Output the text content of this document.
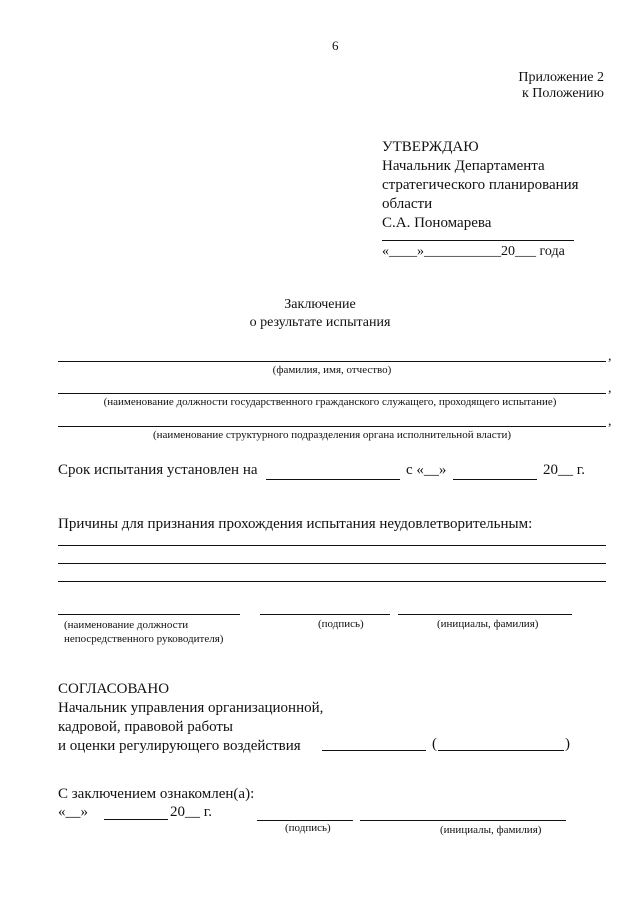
6
Приложение 2
к Положению
УТВЕРЖДАЮ
Начальник Департамента
стратегического планирования
области
С.А. Пономарева
«____»___________20___ года
Заключение
о результате испытания
,
(фамилия, имя, отчество)
,
(наименование должности государственного гражданского служащего, проходящего испытание)
,
(наименование структурного подразделения органа исполнительной власти)
Срок испытания установлен на	с «__»	20__ г.
Причины для признания прохождения испытания неудовлетворительным:
(наименование должности
непосредственного руководителя)
(подпись)	(инициалы, фамилия)
СОГЛАСОВАНО
Начальник управления организационной,
кадровой, правовой работы
и оценки регулирующего воздействия	(	)
С заключением ознакомлен(а):
«__»	20__ г.
(подпись)	(инициалы, фамилия)
